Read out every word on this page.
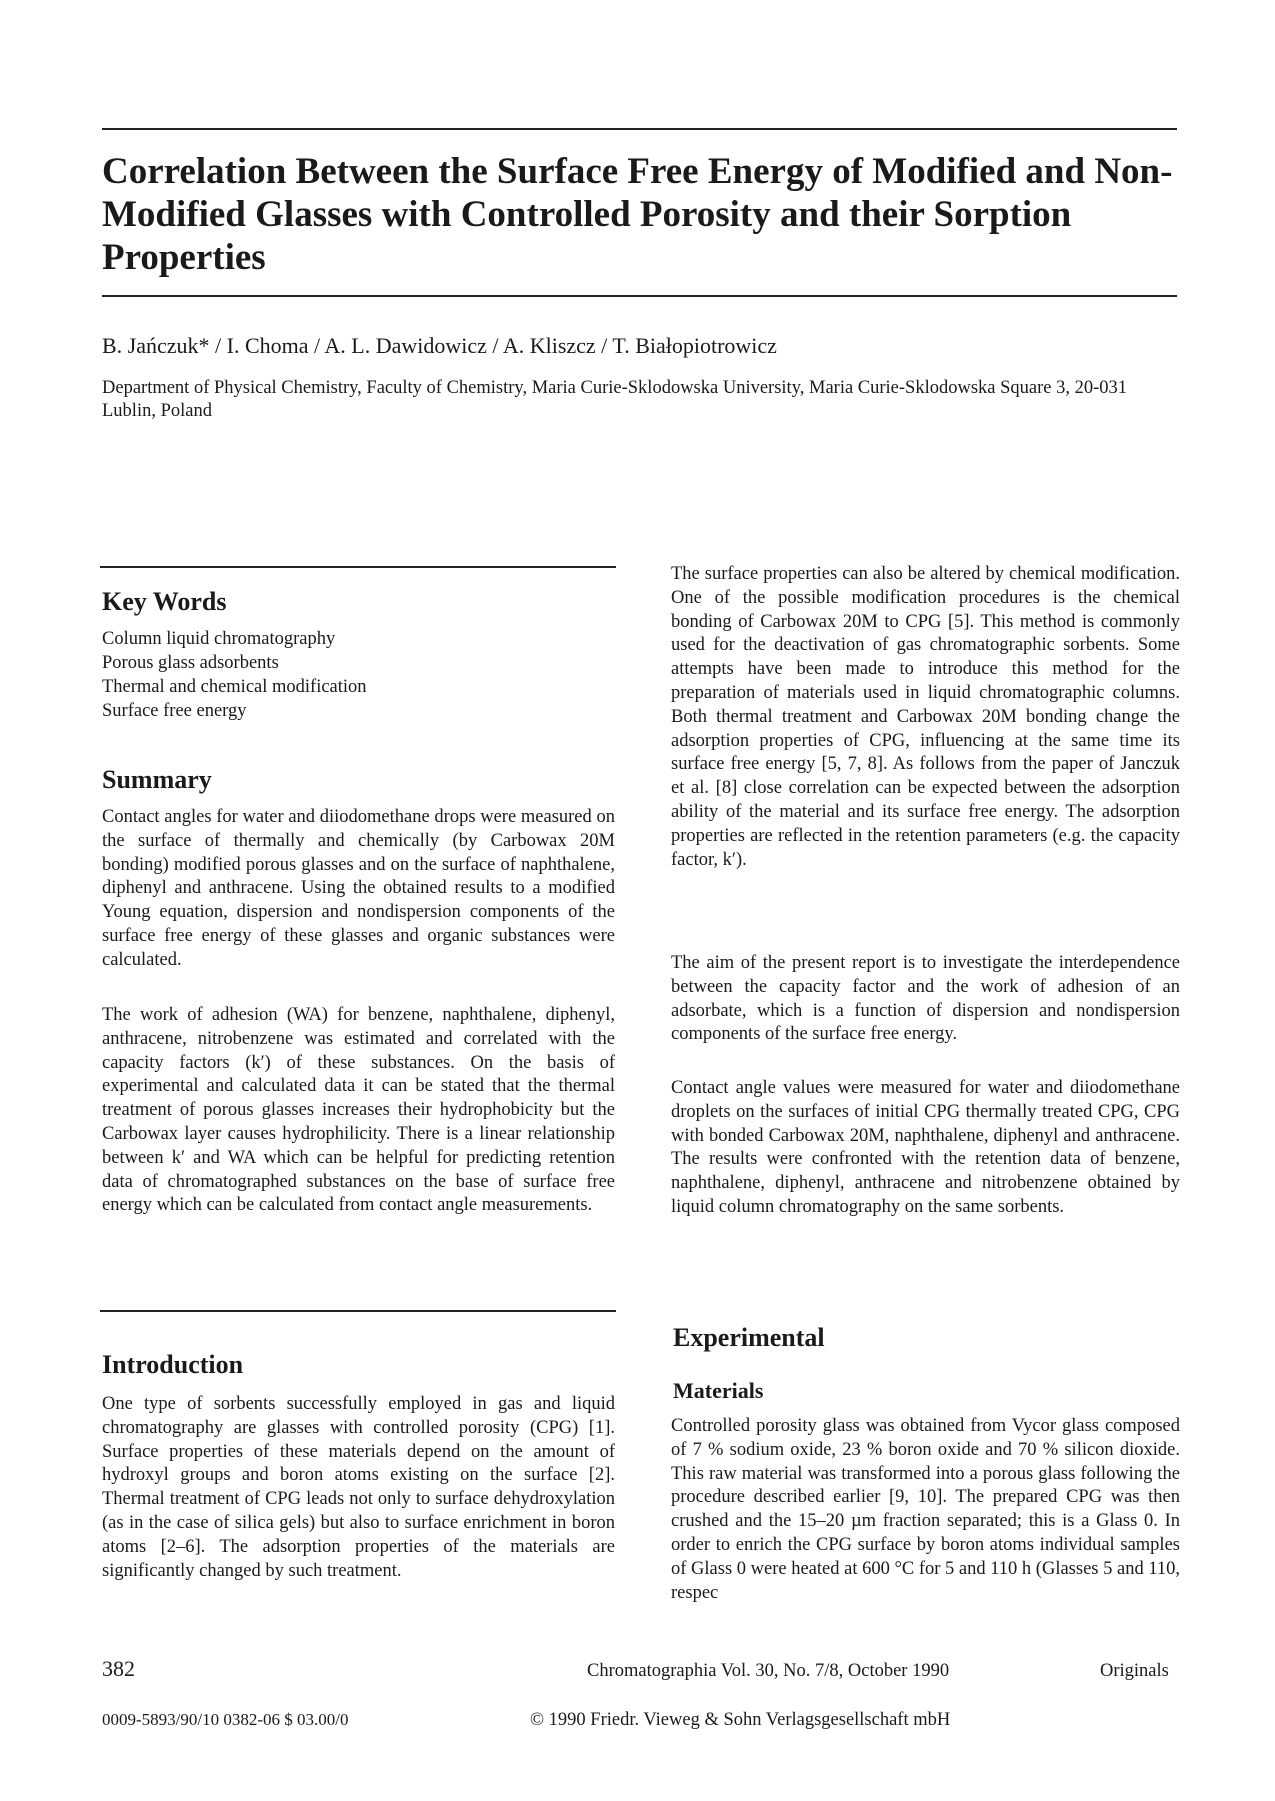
Correlation Between the Surface Free Energy of Modified and Non-Modified Glasses with Controlled Porosity and their Sorption Properties
B. Jańczuk* / I. Choma / A. L. Dawidowicz / A. Kliszcz / T. Białopiotrowicz
Department of Physical Chemistry, Faculty of Chemistry, Maria Curie-Sklodowska University, Maria Curie-Sklodowska Square 3, 20-031 Lublin, Poland
Key Words
Column liquid chromatography
Porous glass adsorbents
Thermal and chemical modification
Surface free energy
Summary

Contact angles for water and diiodomethane drops were measured on the surface of thermally and chemically (by Carbowax 20M bonding) modified porous glasses and on the surface of naphthalene, diphenyl and anthracene. Using the obtained results to a modified Young equation, dispersion and nondispersion components of the surface free energy of these glasses and organic substances were calculated.

The work of adhesion (WA) for benzene, naphthalene, diphenyl, anthracene, nitrobenzene was estimated and correlated with the capacity factors (k′) of these substances. On the basis of experimental and calculated data it can be stated that the thermal treatment of porous glasses increases their hydrophobicity but the Carbowax layer causes hydrophilicity. There is a linear relationship between k′ and WA which can be helpful for predicting retention data of chromatographed substances on the base of surface free energy which can be calculated from contact angle measurements.

Introduction

One type of sorbents successfully employed in gas and liquid chromatography are glasses with controlled porosity (CPG) [1]. Surface properties of these materials depend on the amount of hydroxyl groups and boron atoms existing on the surface [2]. Thermal treatment of CPG leads not only to surface dehydroxylation (as in the case of silica gels) but also to surface enrichment in boron atoms [2–6]. The adsorption properties of the materials are significantly changed by such treatment.

The surface properties can also be altered by chemical modification. One of the possible modification procedures is the chemical bonding of Carbowax 20M to CPG [5]. This method is commonly used for the deactivation of gas chromatographic sorbents. Some attempts have been made to introduce this method for the preparation of materials used in liquid chromatographic columns. Both thermal treatment and Carbowax 20M bonding change the adsorption properties of CPG, influencing at the same time its surface free energy [5, 7, 8]. As follows from the paper of Janczuk et al. [8] close correlation can be expected between the adsorption ability of the material and its surface free energy. The adsorption properties are reflected in the retention parameters (e.g. the capacity factor, k′).

The aim of the present report is to investigate the interdependence between the capacity factor and the work of adhesion of an adsorbate, which is a function of dispersion and nondispersion components of the surface free energy.

Contact angle values were measured for water and diiodomethane droplets on the surfaces of initial CPG thermally treated CPG, CPG with bonded Carbowax 20M, naphthalene, diphenyl and anthracene. The results were confronted with the retention data of benzene, naphthalene, diphenyl, anthracene and nitrobenzene obtained by liquid column chromatography on the same sorbents.

Experimental
Materials

Controlled porosity glass was obtained from Vycor glass composed of 7 % sodium oxide, 23 % boron oxide and 70 % silicon dioxide. This raw material was transformed into a porous glass following the procedure described earlier [9, 10]. The prepared CPG was then crushed and the 15–20 µm fraction separated; this is a Glass 0. In order to enrich the CPG surface by boron atoms individual samples of Glass 0 were heated at 600 °C for 5 and 110 h (Glasses 5 and 110, respec

382	Chromatographia Vol. 30, No. 7/8, October 1990	Originals
0009-5893/90/10 0382-06 $ 03.00/0	© 1990 Friedr. Vieweg & Sohn Verlagsgesellschaft mbH
